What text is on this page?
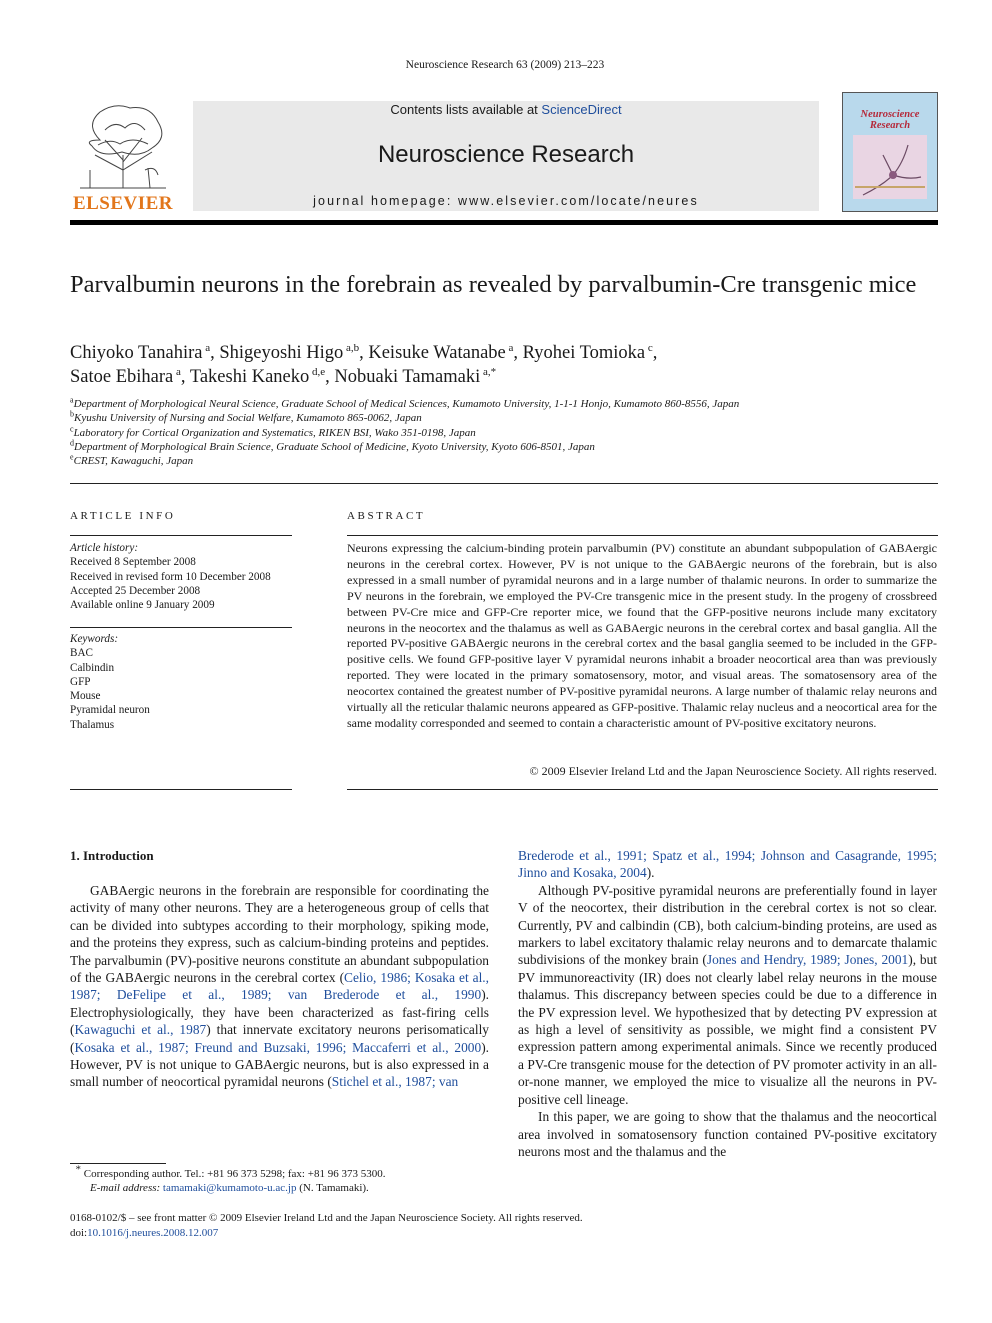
Neuroscience Research 63 (2009) 213–223
ELSEVIER
Contents lists available at ScienceDirect
Neuroscience Research
journal homepage: www.elsevier.com/locate/neures
Neuroscience Research
Parvalbumin neurons in the forebrain as revealed by parvalbumin-Cre transgenic mice
Chiyoko Tanahira $^a$, Shigeyoshi Higo $^{a,b}$, Keisuke Watanabe $^a$, Ryohei Tomioka $^c$,
Satoe Ebihara $^a$, Takeshi Kaneko $^{d,e}$, Nobuaki Tamamaki $^{a,*}$
$^a$Department of Morphological Neural Science, Graduate School of Medical Sciences, Kumamoto University, 1-1-1 Honjo, Kumamoto 860-8556, Japan
$^b$Kyushu University of Nursing and Social Welfare, Kumamoto 865-0062, Japan
$^c$Laboratory for Cortical Organization and Systematics, RIKEN BSI, Wako 351-0198, Japan
$^d$Department of Morphological Brain Science, Graduate School of Medicine, Kyoto University, Kyoto 606-8501, Japan
$^e$CREST, Kawaguchi, Japan
ARTICLE INFO
Article history:
Received 8 September 2008
Received in revised form 10 December 2008
Accepted 25 December 2008
Available online 9 January 2009
Keywords:
BAC
Calbindin
GFP
Mouse
Pyramidal neuron
Thalamus
ABSTRACT
Neurons expressing the calcium-binding protein parvalbumin (PV) constitute an abundant subpopulation of GABAergic neurons in the cerebral cortex. However, PV is not unique to the GABAergic neurons of the forebrain, but is also expressed in a small number of pyramidal neurons and in a large number of thalamic neurons. In order to summarize the PV neurons in the forebrain, we employed the PV-Cre transgenic mice in the present study. In the progeny of crossbreed between PV-Cre mice and GFP-Cre reporter mice, we found that the GFP-positive neurons include many excitatory neurons in the neocortex and the thalamus as well as GABAergic neurons in the cerebral cortex and basal ganglia. All the reported PV-positive GABAergic neurons in the cerebral cortex and the basal ganglia seemed to be included in the GFP-positive cells. We found GFP-positive layer V pyramidal neurons inhabit a broader neocortical area than was previously reported. They were located in the primary somatosensory, motor, and visual areas. The somatosensory area of the neocortex contained the greatest number of PV-positive pyramidal neurons. A large number of thalamic relay neurons and virtually all the reticular thalamic neurons appeared as GFP-positive. Thalamic relay nucleus and a neocortical area for the same modality corresponded and seemed to contain a characteristic amount of PV-positive excitatory neurons.
© 2009 Elsevier Ireland Ltd and the Japan Neuroscience Society. All rights reserved.
1. Introduction

GABAergic neurons in the forebrain are responsible for coordinating the activity of many other neurons. They are a heterogeneous group of cells that can be divided into subtypes according to their morphology, spiking mode, and the proteins they express, such as calcium-binding proteins and peptides. The parvalbumin (PV)-positive neurons constitute an abundant subpopulation of the GABAergic neurons in the cerebral cortex (Celio, 1986; Kosaka et al., 1987; DeFelipe et al., 1989; van Brederode et al., 1990). Electrophysiologically, they have been characterized as fast-firing cells (Kawaguchi et al., 1987) that innervate excitatory neurons perisomatically (Kosaka et al., 1987; Freund and Buzsaki, 1996; Maccaferri et al., 2000). However, PV is not unique to GABAergic neurons, but is also expressed in a small number of neocortical pyramidal neurons (Stichel et al., 1987; van

Brederode et al., 1991; Spatz et al., 1994; Johnson and Casagrande, 1995; Jinno and Kosaka, 2004).

Although PV-positive pyramidal neurons are preferentially found in layer V of the neocortex, their distribution in the cerebral cortex is not so clear. Currently, PV and calbindin (CB), both calcium-binding proteins, are used as markers to label excitatory thalamic relay neurons and to demarcate thalamic subdivisions of the monkey brain (Jones and Hendry, 1989; Jones, 2001), but PV immunoreactivity (IR) does not clearly label relay neurons in the mouse thalamus. This discrepancy between species could be due to a difference in the PV expression level. We hypothesized that by detecting PV expression at as high a level of sensitivity as possible, we might find a consistent PV expression pattern among experimental animals. Since we recently produced a PV-Cre transgenic mouse for the detection of PV promoter activity in an all-or-none manner, we employed the mice to visualize all the neurons in PV-positive cell lineage.

In this paper, we are going to show that the thalamus and the neocortical area involved in somatosensory function contained PV-positive excitatory neurons most and the thalamus and the

* Corresponding author. Tel.: +81 96 373 5298; fax: +81 96 373 5300.
E-mail address: tamamaki@kumamoto-u.ac.jp (N. Tamamaki).
0168-0102/$ – see front matter © 2009 Elsevier Ireland Ltd and the Japan Neuroscience Society. All rights reserved.
doi:10.1016/j.neures.2008.12.007
